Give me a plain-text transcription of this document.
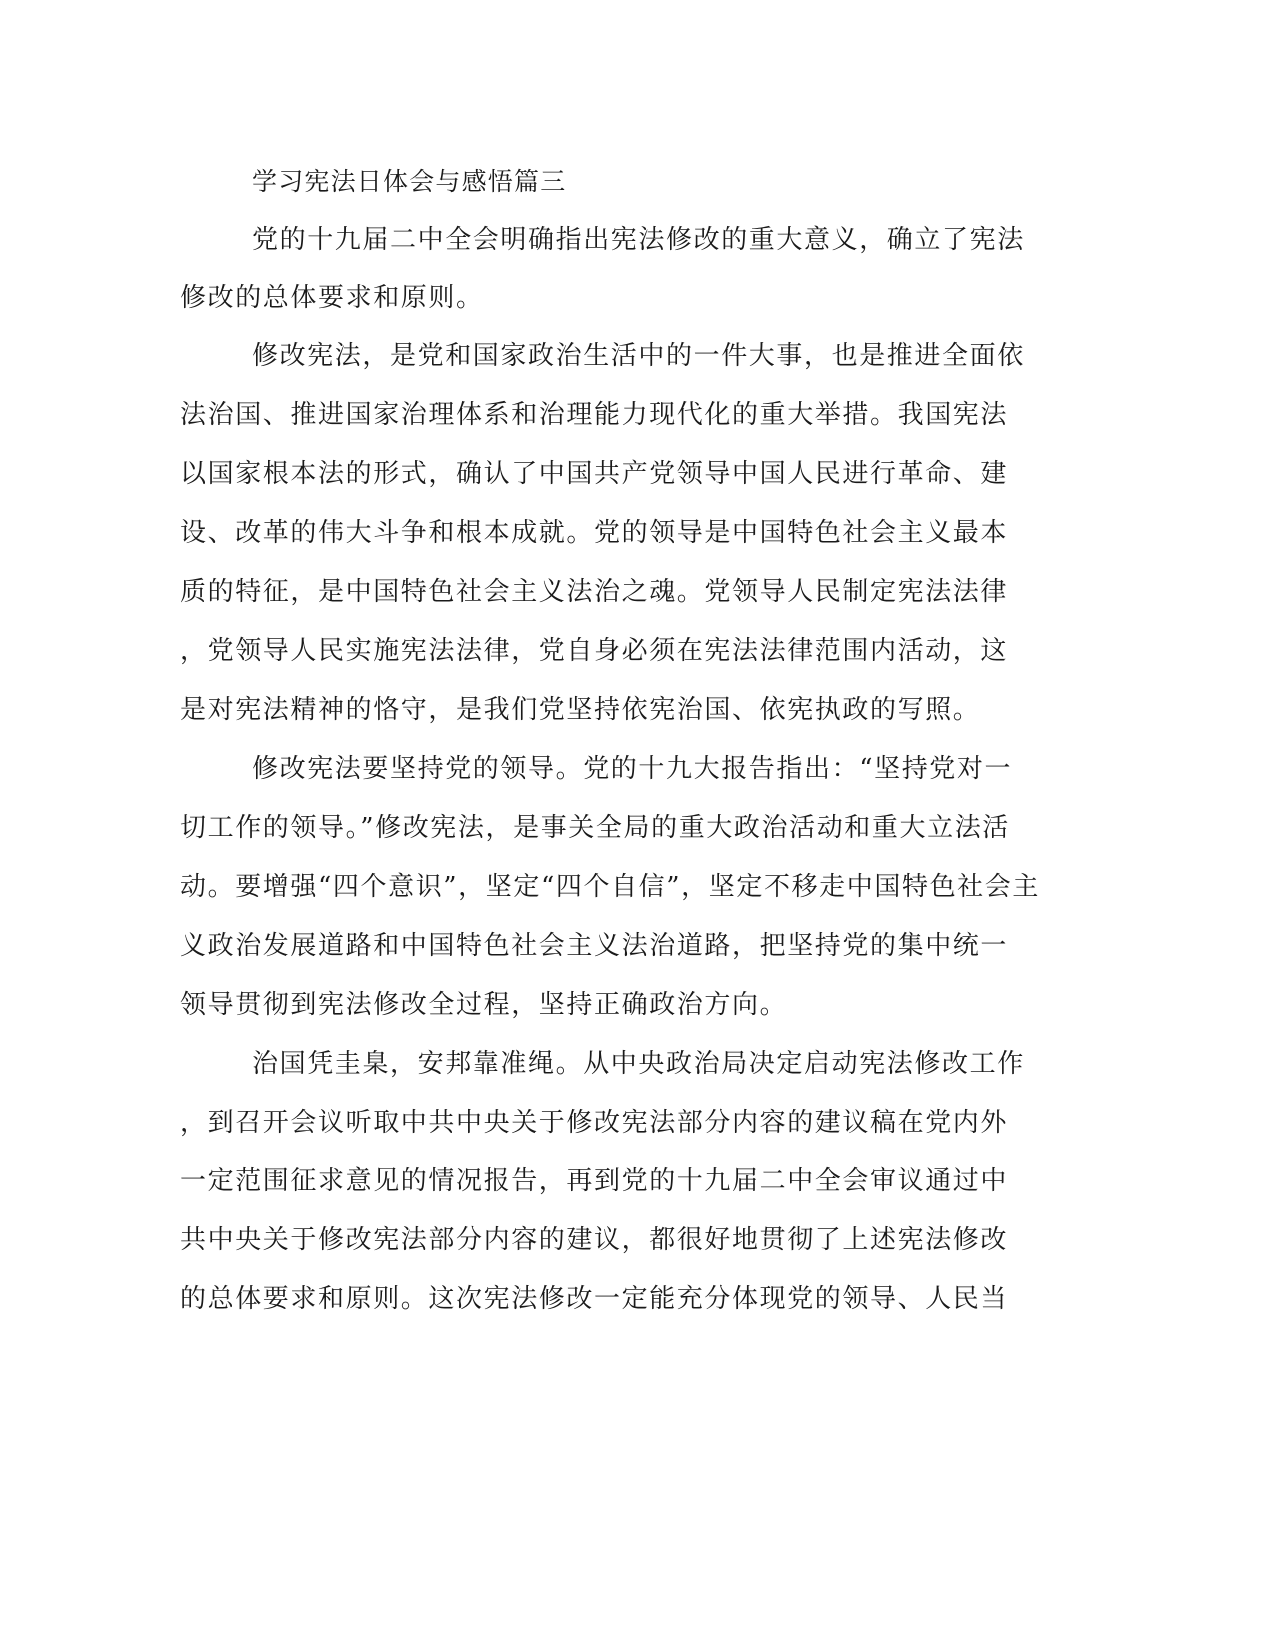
学习宪法日体会与感悟篇三
党的十九届二中全会明确指出宪法修改的重大意义，确立了宪法
修改的总体要求和原则。
修改宪法，是党和国家政治生活中的一件大事，也是推进全面依
法治国、推进国家治理体系和治理能力现代化的重大举措。我国宪法
以国家根本法的形式，确认了中国共产党领导中国人民进行革命、建
设、改革的伟大斗争和根本成就。党的领导是中国特色社会主义最本
质的特征，是中国特色社会主义法治之魂。党领导人民制定宪法法律
，党领导人民实施宪法法律，党自身必须在宪法法律范围内活动，这
是对宪法精神的恪守，是我们党坚持依宪治国、依宪执政的写照。
修改宪法要坚持党的领导。党的十九大报告指出：“坚持党对一
切工作的领导。”修改宪法，是事关全局的重大政治活动和重大立法活
动。要增强“四个意识”，坚定“四个自信”，坚定不移走中国特色社会主
义政治发展道路和中国特色社会主义法治道路，把坚持党的集中统一
领导贯彻到宪法修改全过程，坚持正确政治方向。
治国凭圭臬，安邦靠准绳。从中央政治局决定启动宪法修改工作
，到召开会议听取中共中央关于修改宪法部分内容的建议稿在党内外
一定范围征求意见的情况报告，再到党的十九届二中全会审议通过中
共中央关于修改宪法部分内容的建议，都很好地贯彻了上述宪法修改
的总体要求和原则。这次宪法修改一定能充分体现党的领导、人民当
